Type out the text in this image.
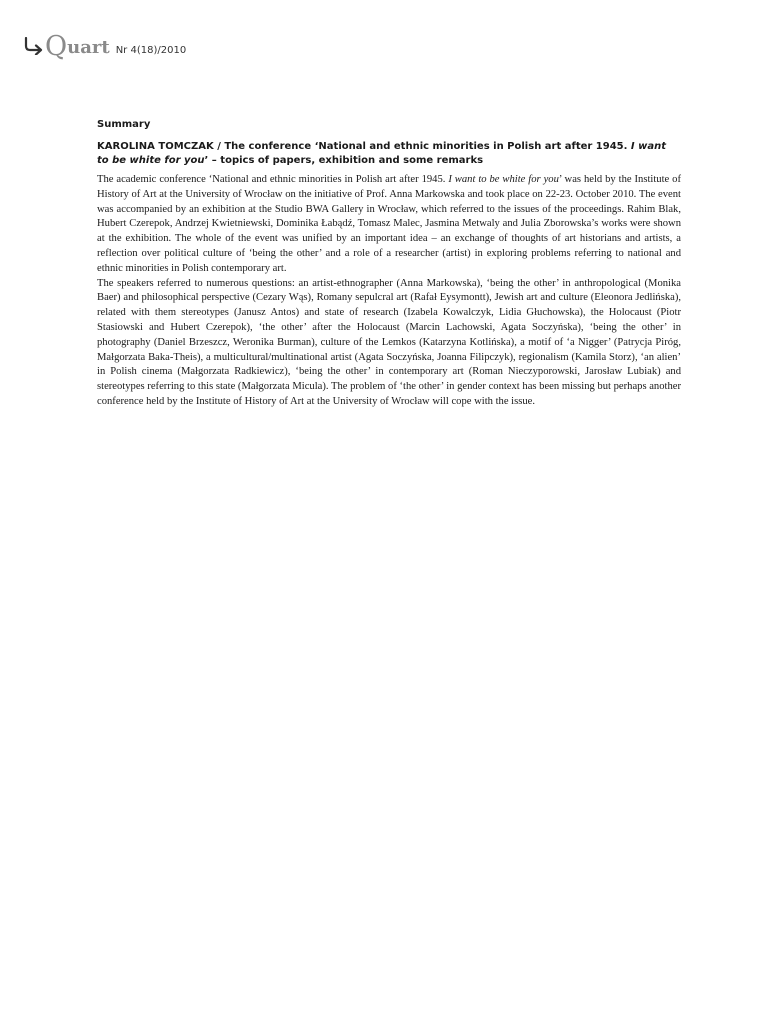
Q uart Nr 4(18)/2010

Summary

KAROLINA TOMCZAK / The conference ‘National and ethnic minorities in Polish art after 1945. I want to be white for you’ – topics of papers, exhibition and some remarks

The academic conference ‘National and ethnic minorities in Polish art after 1945. I want to be white for you’ was held by the Institute of History of Art at the University of Wrocław on the initiative of Prof. Anna Markowska and took place on 22-23. October 2010. The event was accompanied by an exhibition at the Studio BWA Gallery in Wrocław, which referred to the issues of the proceedings. Rahim Blak, Hubert Czerepok, Andrzej Kwietniewski, Dominika Łabądź, Tomasz Malec, Jasmina Metwaly and Julia Zborowska’s works were shown at the exhibition. The whole of the event was unified by an important idea – an exchange of thoughts of art historians and artists, a reflection over political culture of ‘being the other’ and a role of a researcher (artist) in exploring problems referring to national and ethnic minorities in Polish contemporary art.

The speakers referred to numerous questions: an artist-ethnographer (Anna Markowska), ‘being the other’ in anthropological (Monika Baer) and philosophical perspective (Cezary Wąs), Romany sepulcral art (Rafał Eysymontt), Jewish art and culture (Eleonora Jedlińska), related with them stereotypes (Janusz Antos) and state of research (Izabela Kowalczyk, Lidia Głuchowska), the Holocaust (Piotr Stasiowski and Hubert Czerepok), ‘the other’ after the Holocaust (Marcin Lachowski, Agata Soczyńska), ‘being the other’ in photography (Daniel Brzeszcz, Weronika Burman), culture of the Lemkos (Katarzyna Kotlińska), a motif of ‘a Nigger’ (Patrycja Piróg, Małgorzata Baka-Theis), a multicultural/multinational artist (Agata Soczyńska, Joanna Filipczyk), regionalism (Kamila Storz), ‘an alien’ in Polish cinema (Małgorzata Radkiewicz), ‘being the other’ in contemporary art (Roman Nieczyporowski, Jarosław Lubiak) and stereotypes referring to this state (Małgorzata Micula). The problem of ‘the other’ in gender context has been missing but perhaps another conference held by the Institute of History of Art at the University of Wrocław will cope with the issue.
